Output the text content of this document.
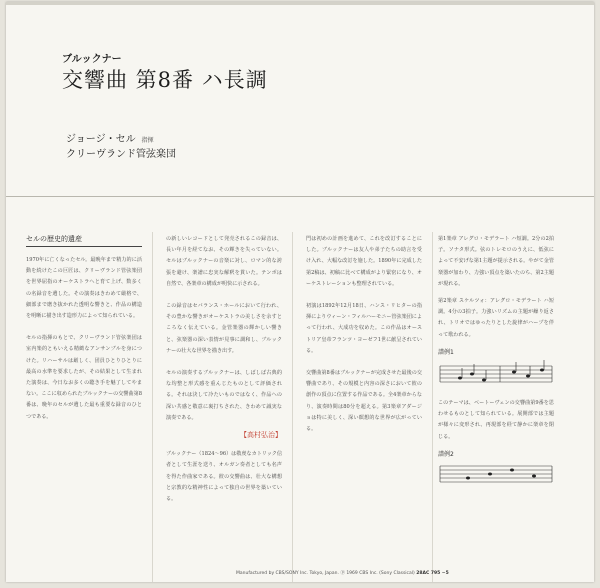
ブルックナー
交響曲 第8番 ハ長調
ジョージ・セル 指揮
クリーヴランド管弦楽団
セルの歴史的遺産

1970年に亡くなったセル。最晩年まで精力的に活動を続けたこの巨匠は、クリーヴランド管弦楽団を世界屈指のオーケストラへと育て上げ、数多くの名録音を遺した。その演奏はきわめて厳格で、細部まで磨き抜かれた透明な響きと、作品の構造を明晰に描き出す造形力によって知られている。

セルの指揮のもとで、クリーヴランド管弦楽団は室内楽的ともいえる精緻なアンサンブルを身につけた。リハーサルは厳しく、団員ひとりひとりに最高の水準を要求したが、その結果として生まれた演奏は、今日なお多くの聴き手を魅了してやまない。ここに収められたブルックナーの交響曲第8番は、晩年のセルが遺した最も重要な録音のひとつである。

の新しいレコードとして発売されるこの録音は、長い年月を経てなお、その輝きを失っていない。セルはブルックナーの音楽に対し、ロマン的な誇張を避け、楽譜に忠実な解釈を貫いた。テンポは自然で、各楽章の構成が明快に示される。

この録音はセバランス・ホールにおいて行われ、その豊かな響きがオーケストラの美しさを余すところなく伝えている。金管楽器の輝かしい響きと、弦楽器の深い表情が見事に調和し、ブルックナーの壮大な世界を描き出す。

セルの演奏するブルックナーは、しばしば古典的な均整と形式感を重んじたものとして評価される。それは決して冷たいものではなく、作品への深い共感と敬意に裏打ちされた、きわめて誠実な演奏である。

【高村弘治】

ブルックナー（1824〜96）は敬虔なカトリック信者として生涯を送り、オルガン奏者としても名声を得た作曲家である。彼の交響曲は、壮大な構想と宗教的な精神性によって独自の世界を築いている。

門は初めの計画を進めて、これを改訂することにした。ブルックナーは友人や弟子たちの助言を受け入れ、大幅な改訂を施した。1890年に完成した第2稿は、初稿に比べて構成がより緊密になり、オーケストレーションも整理されている。

初演は1892年12月18日、ハンス・リヒターの指揮によりウィーン・フィルハーモニー管弦楽団によって行われ、大成功を収めた。この作品はオーストリア皇帝フランツ・ヨーゼフ1世に献呈されている。

交響曲第8番はブルックナーが完成させた最後の交響曲であり、その規模と内容の深さにおいて彼の創作の頂点に位置する作品である。全4楽章からなり、演奏時間は80分を超える。第3楽章アダージョは特に美しく、深い瞑想的な世界が広がっている。

第1楽章 アレグロ・モデラート ハ短調。2分の2拍子。ソナタ形式。弦のトレモロのうえに、低弦によって不安げな第1主題が提示される。やがて金管楽器が加わり、力強い頂点を築いたのち、第2主題が現れる。

第2楽章 スケルツォ：アレグロ・モデラート ハ短調。4分の3拍子。力強いリズムの主題が繰り返され、トリオではゆったりとした旋律がハープを伴って歌われる。

譜例1

このテーマは、ベートーヴェンの交響曲第9番を思わせるものとして知られている。展開部では主題が様々に変形され、再現部を経て静かに楽章を閉じる。

譜例2
Manufactured by CBS/SONY Inc. Tokyo, Japan. ⓟ 1969 CBS Inc. (Sony Classical) 28AC 795 ∼5
